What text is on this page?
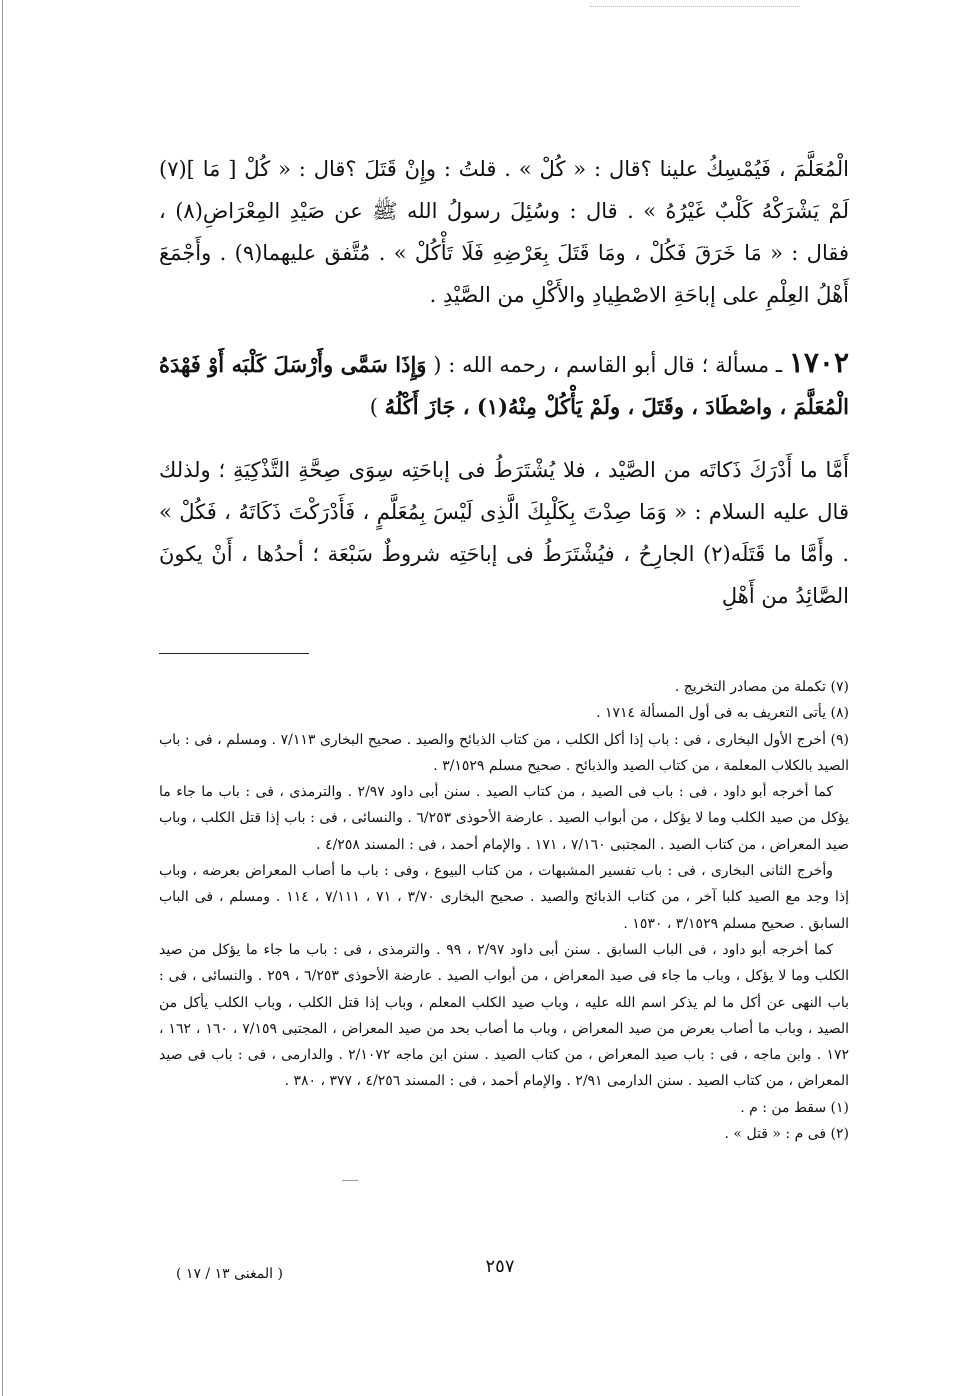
الْمُعَلَّمَ ، فَيُمْسِكُ علينا ؟قال : « كُلْ » . قلتُ : وإِنْ قَتَلَ ؟قال : « كُلْ [ مَا ](٧) لَمْ يَشْرَكْهُ كَلْبٌ غَيْرُهُ » . قال : وسُئِلَ رسولُ الله ﷺ عن صَيْدِ المِعْرَاضِ(٨) ، فقال : « مَا خَرَقَ فَكُلْ ، ومَا قَتَلَ بِعَرْضِهِ فَلَا تَأْكُلْ » . مُتَّفق عليهما(٩) . وأَجْمَعَ أَهْلُ العِلْمِ على إباحَةِ الاصْطِيادِ والأَكْلِ من الصَّيْدِ .

١٧٠٢ ـ مسألة ؛ قال أبو القاسم ، رحمه الله : ( وَإِذَا سَمَّى وأَرْسَلَ كَلْبَه أَوْ فَهْدَهُ الْمُعَلَّمَ ، واصْطَادَ ، وقَتَلَ ، ولَمْ يَأْكُلْ مِنْهُ(١) ، جَازَ أَكْلُهُ )

أَمَّا ما أَدْرَكَ ذَكاتَه من الصَّيْد ، فلا يُشْتَرَطُ فى إباحَتِه سِوَى صِحَّةِ التَّذْكِيَةِ ؛ ولذلك قال عليه السلام : « وَمَا صِدْتَ بِكَلْبِكَ الَّذِى لَيْسَ بِمُعَلَّمٍ ، فَأَدْرَكْتَ ذَكَاتَهُ ، فَكُلْ » . وأَمَّا ما قَتَلَه(٢) الجارِحُ ، فيُشْتَرَطُ فى إباحَتِه شروطٌ سَبْعَة ؛ أحدُها ، أَنْ يكونَ الصَّائِدُ من أَهْلِ

(٧) تكملة من مصادر التخريج .

(٨) يأتى التعريف به فى أول المسألة ١٧١٤ .

(٩) أخرج الأول البخارى ، فى : باب إذا أكل الكلب ، من كتاب الذبائح والصيد . صحيح البخارى ٧/١١٣ . ومسلم ، فى : باب الصيد بالكلاب المعلمة ، من كتاب الصيد والذبائح . صحيح مسلم ٣/١٥٢٩ .

كما أخرجه أبو داود ، فى : باب فى الصيد ، من كتاب الصيد . سنن أبى داود ٢/٩٧ . والترمذى ، فى : باب ما جاء ما يؤكل من صيد الكلب وما لا يؤكل ، من أبواب الصيد . عارضة الأحوذى ٦/٢٥٣ . والنسائى ، فى : باب إذا قتل الكلب ، وباب صيد المعراض ، من كتاب الصيد . المجتبى ٧/١٦٠ ، ١٧١ . والإمام أحمد ، فى : المسند ٤/٢٥٨ .

وأخرج الثانى البخارى ، فى : باب تفسير المشبهات ، من كتاب البيوع ، وفى : باب ما أصاب المعراض بعرضه ، وباب إذا وجد مع الصيد كلبا آخر ، من كتاب الذبائح والصيد . صحيح البخارى ٣/٧٠ ، ٧١ ، ٧/١١١ ، ١١٤ . ومسلم ، فى الباب السابق . صحيح مسلم ٣/١٥٢٩ ، ١٥٣٠ .

كما أخرجه أبو داود ، فى الباب السابق . سنن أبى داود ٢/٩٧ ، ٩٩ . والترمذى ، فى : باب ما جاء ما يؤكل من صيد الكلب وما لا يؤكل ، وباب ما جاء فى صيد المعراض ، من أبواب الصيد . عارضة الأحوذى ٦/٢٥٣ ، ٢٥٩ . والنسائى ، فى : باب النهى عن أكل ما لم يذكر اسم الله عليه ، وباب صيد الكلب المعلم ، وباب إذا قتل الكلب ، وباب الكلب يأكل من الصيد ، وباب ما أصاب بعرض من صيد المعراض ، وباب ما أصاب بحد من صيد المعراض ، المجتبى ٧/١٥٩ ، ١٦٠ ، ١٦٢ ، ١٧٢ . وابن ماجه ، فى : باب صيد المعراض ، من كتاب الصيد . سنن ابن ماجه ٢/١٠٧٢ . والدارمى ، فى : باب فى صيد المعراض ، من كتاب الصيد . سنن الدارمى ٢/٩١ . والإمام أحمد ، فى : المسند ٤/٢٥٦ ، ٣٧٧ ، ٣٨٠ .

(١) سقط من : م .

(٢) فى م : « قتل » .

٢٥٧
( المغنى ١٣ / ١٧ )
